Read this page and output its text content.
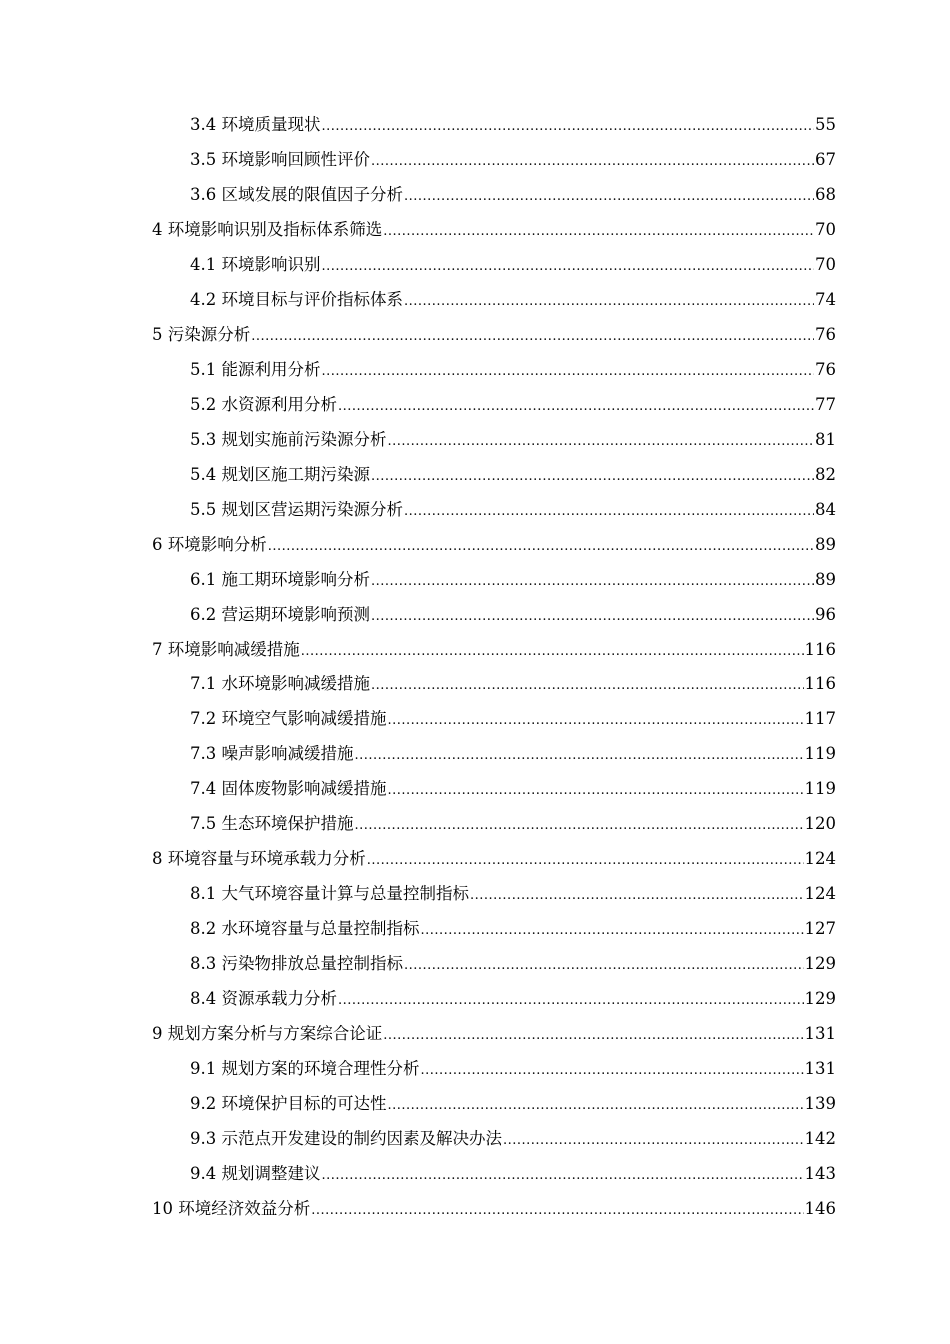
3.4 环境质量现状 .....	55
3.5 环境影响回顾性评价 .....	67
3.6 区域发展的限值因子分析 .....	68
4 环境影响识别及指标体系筛选 .....	70
4.1 环境影响识别 .....	70
4.2 环境目标与评价指标体系 .....	74
5 污染源分析 .....	76
5.1 能源利用分析 .....	76
5.2 水资源利用分析 .....	77
5.3 规划实施前污染源分析 .....	81
5.4 规划区施工期污染源 .....	82
5.5 规划区营运期污染源分析 .....	84
6 环境影响分析 .....	89
6.1 施工期环境影响分析 .....	89
6.2 营运期环境影响预测 .....	96
7 环境影响减缓措施 .....	116
7.1 水环境影响减缓措施 .....	116
7.2 环境空气影响减缓措施 .....	117
7.3 噪声影响减缓措施 .....	119
7.4 固体废物影响减缓措施 .....	119
7.5 生态环境保护措施 .....	120
8 环境容量与环境承载力分析 .....	124
8.1 大气环境容量计算与总量控制指标 .....	124
8.2 水环境容量与总量控制指标 .....	127
8.3 污染物排放总量控制指标 .....	129
8.4 资源承载力分析 .....	129
9 规划方案分析与方案综合论证 .....	131
9.1 规划方案的环境合理性分析 .....	131
9.2 环境保护目标的可达性 .....	139
9.3 示范点开发建设的制约因素及解决办法 .....	142
9.4 规划调整建议 .....	143
10 环境经济效益分析 .....	146
